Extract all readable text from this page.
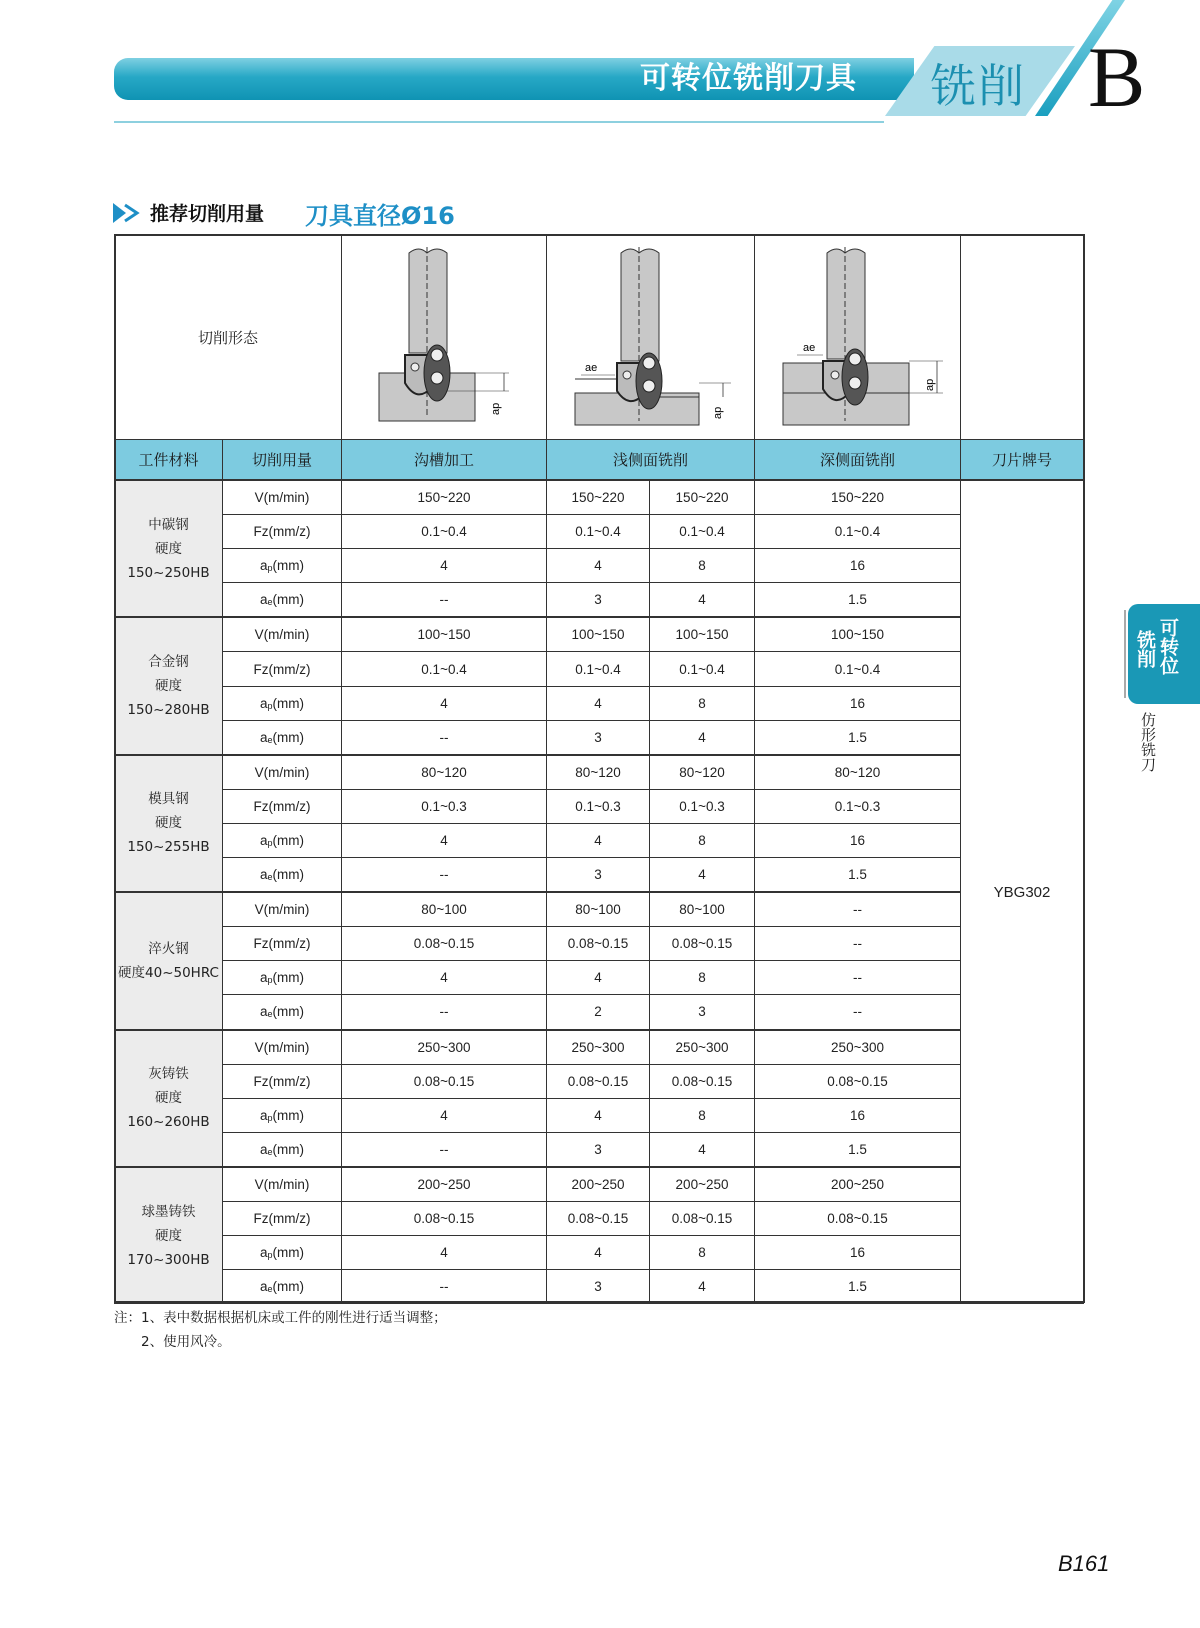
可转位铣削刀具 铣削 B
推荐切削用量 刀具直径Ø16
切削形态		ap	ae
ap		ae
ap	

工件材料	切削用量	沟槽加工	浅侧面铣削		深侧面铣削	刀片牌号

中碳钢
硬度
150~250HB	V(m/min)	150~220	150~220	150~220	150~220	YBG302
	Fz(mm/z)	0.1~0.4	0.1~0.4	0.1~0.4	0.1~0.4	
	$a_p(mm)$	4	4	8	16	
	$a_e(mm)$	--	3	4	1.5	

合金钢
硬度
150~280HB	V(m/min)	100~150	100~150	100~150	100~150	
	Fz(mm/z)	0.1~0.4	0.1~0.4	0.1~0.4	0.1~0.4	
	$a_p(mm)$	4	4	8	16	
	$a_e(mm)$	--	3	4	1.5	

模具钢
硬度
150~255HB	V(m/min)	80~120	80~120	80~120	80~120	
	Fz(mm/z)	0.1~0.3	0.1~0.3	0.1~0.3	0.1~0.3	
	$a_p(mm)$	4	4	8	16	
	$a_e(mm)$	--	3	4	1.5	

淬火钢
硬度40~50HRC	V(m/min)	80~100	80~100	80~100	--	
	Fz(mm/z)	0.08~0.15	0.08~0.15	0.08~0.15	--	
	$a_p(mm)$	4	4	8	--	
	$a_e(mm)$	--	2	3	--	

灰铸铁
硬度
160~260HB	V(m/min)	250~300	250~300	250~300	250~300	
	Fz(mm/z)	0.08~0.15	0.08~0.15	0.08~0.15	0.08~0.15	
	$a_p(mm)$	4	4	8	16	
	$a_e(mm)$	--	3	4	1.5	

球墨铸铁
硬度
170~300HB	V(m/min)	200~250	200~250	200~250	200~250	
	Fz(mm/z)	0.08~0.15	0.08~0.15	0.08~0.15	0.08~0.15	
	$a_p(mm)$	4	4	8	16	
	$a_e(mm)$	--	3	4	1.5	
注：1、表中数据根据机床或工件的刚性进行适当调整；
2、使用风冷。
可转位
铣削
仿形铣刀
B161
